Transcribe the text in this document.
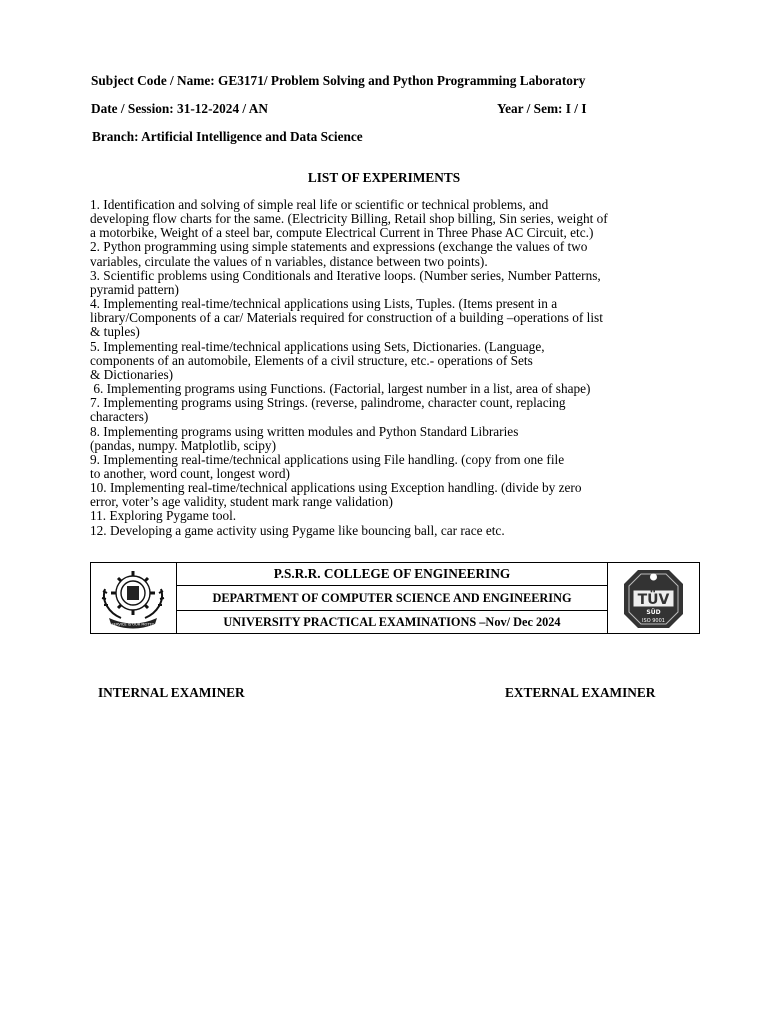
Subject Code / Name: GE3171/ Problem Solving and Python Programming Laboratory
Date / Session: 31-12-2024 / AN	Year / Sem: I / I
Branch: Artificial Intelligence and Data Science
LIST OF EXPERIMENTS
1. Identification and solving of simple real life or scientific or technical problems, and
developing flow charts for the same. (Electricity Billing, Retail shop billing, Sin series, weight of
a motorbike, Weight of a steel bar, compute Electrical Current in Three Phase AC Circuit, etc.)
2. Python programming using simple statements and expressions (exchange the values of two
variables, circulate the values of n variables, distance between two points).
3. Scientific problems using Conditionals and Iterative loops. (Number series, Number Patterns,
pyramid pattern)
4. Implementing real-time/technical applications using Lists, Tuples. (Items present in a
library/Components of a car/ Materials required for construction of a building –operations of list
& tuples)
5. Implementing real-time/technical applications using Sets, Dictionaries. (Language,
components of an automobile, Elements of a civil structure, etc.- operations of Sets
& Dictionaries)
6. Implementing programs using Functions. (Factorial, largest number in a list, area of shape)
7. Implementing programs using Strings. (reverse, palindrome, character count, replacing
characters)
8. Implementing programs using written modules and Python Standard Libraries
(pandas, numpy. Matplotlib, scipy)
9. Implementing real-time/technical applications using File handling. (copy from one file
to another, word count, longest word)
10. Implementing real-time/technical applications using Exception handling. (divide by zero
error, voter’s age validity, student mark range validation)
11. Exploring Pygame tool.
12. Developing a game activity using Pygame like bouncing ball, car race etc.
SERVICE IS OUR MOTTO
P.S.R.R. COLLEGE OF ENGINEERING
DEPARTMENT OF COMPUTER SCIENCE AND ENGINEERING
UNIVERSITY PRACTICAL EXAMINATIONS –Nov/ Dec 2024
TÜV
SÜD
ISO 9001
INTERNAL EXAMINER	EXTERNAL EXAMINER
